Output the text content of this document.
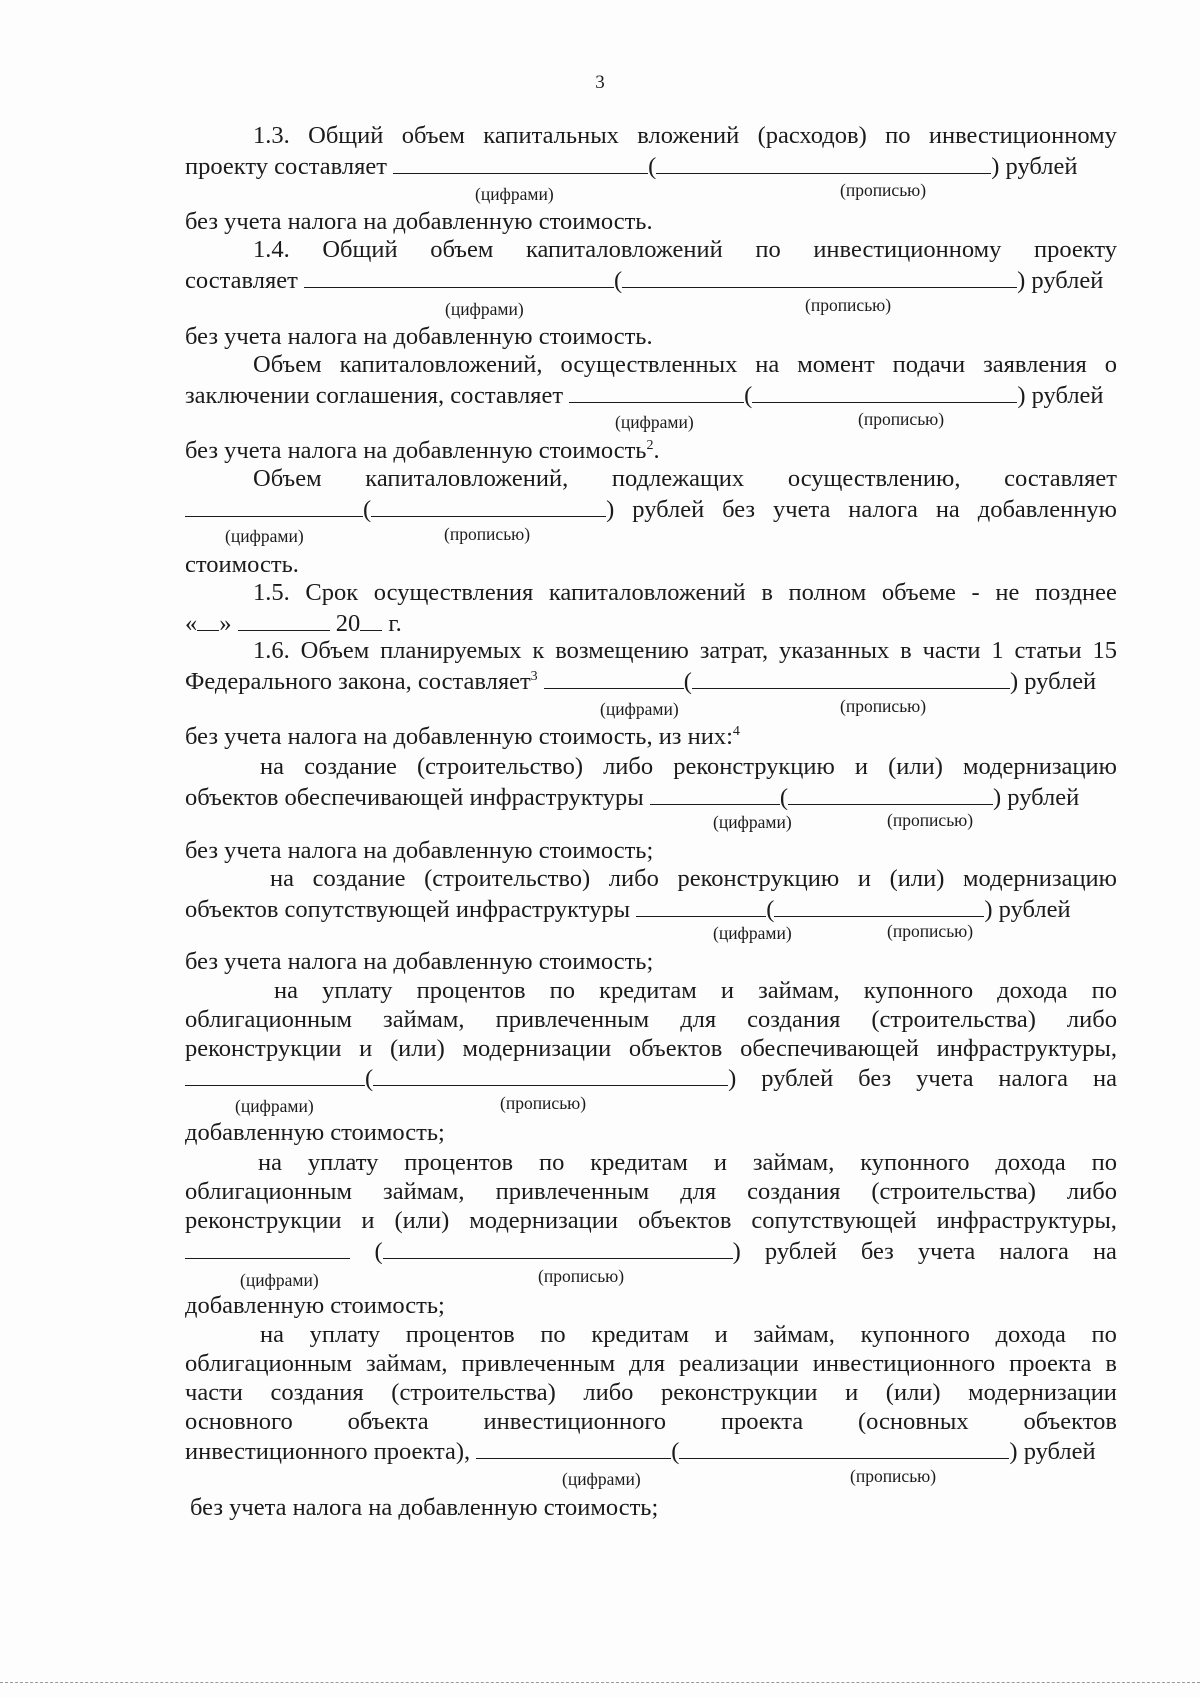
3
1.3. Общий объем капитальных вложений (расходов) по инвестиционному
проекту составляет	(	) рублей
(цифрами)	(прописью)
без учета налога на добавленную стоимость.
1.4. Общий объем капиталовложений по инвестиционному проекту
составляет	(	) рублей
(цифрами)	(прописью)
без учета налога на добавленную стоимость.
Объем капиталовложений, осуществленных на момент подачи заявления о
заключении соглашения, составляет	(	) рублей
(цифрами)	(прописью)
без учета налога на добавленную стоимость$^2$.
Объем капиталовложений, подлежащих осуществлению, составляет
(	) рублей без учета налога на добавленную
(цифрами)	(прописью)
стоимость.
1.5. Срок осуществления капиталовложений в полном объеме - не позднее
« »	20 г.
1.6. Объем планируемых к возмещению затрат, указанных в части 1 статьи 15
Федерального закона, составляет$^3$	(	) рублей
(цифрами)	(прописью)
без учета налога на добавленную стоимость, из них:$^4$
на создание (строительство) либо реконструкцию и (или) модернизацию
объектов обеспечивающей инфраструктуры	(	) рублей
(цифрами)	(прописью)
без учета налога на добавленную стоимость;
на создание (строительство) либо реконструкцию и (или) модернизацию
объектов сопутствующей инфраструктуры	(	) рублей
(цифрами)	(прописью)
без учета налога на добавленную стоимость;
на уплату процентов по кредитам и займам, купонного дохода по
облигационным займам, привлеченным для создания (строительства) либо
реконструкции и (или) модернизации объектов обеспечивающей инфраструктуры,
(	) рублей без учета налога на
(цифрами)	(прописью)
добавленную стоимость;
на уплату процентов по кредитам и займам, купонного дохода по
облигационным займам, привлеченным для создания (строительства) либо
реконструкции и (или) модернизации объектов сопутствующей инфраструктуры,
(	) рублей без учета налога на
(цифрами)	(прописью)
добавленную стоимость;
на уплату процентов по кредитам и займам, купонного дохода по
облигационным займам, привлеченным для реализации инвестиционного проекта в
части создания (строительства) либо реконструкции и (или) модернизации
основного объекта инвестиционного проекта (основных объектов
инвестиционного проекта),	(	) рублей
(цифрами)	(прописью)
без учета налога на добавленную стоимость;
